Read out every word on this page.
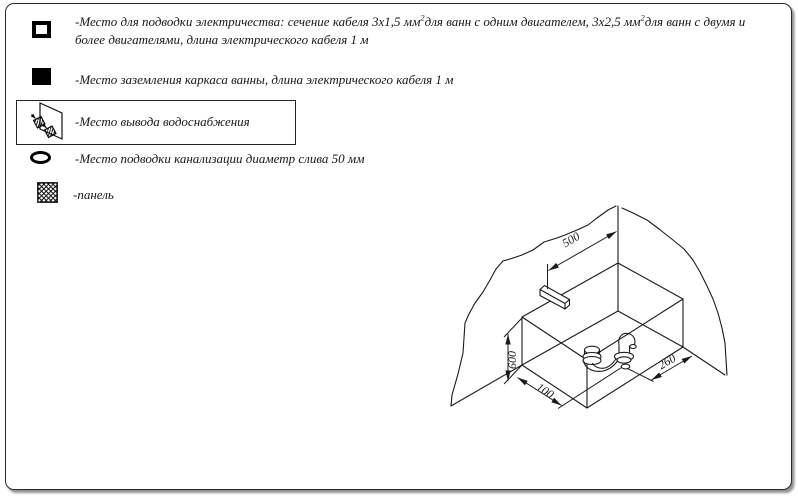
-Место для подводки электричества: сечение кабеля 3х1,5 $мм^2для$ ванн с одним двигателем, 3х2,5 $мм^2для$ ванн с двумя и
более двигателями, длина электрического кабеля 1 м
-Место заземления каркаса ванны, длина электрического кабеля 1 м
-Место вывода водоснабжения
-Место подводки канализации диаметр слива 50 мм
-панель
500
600
100
260
